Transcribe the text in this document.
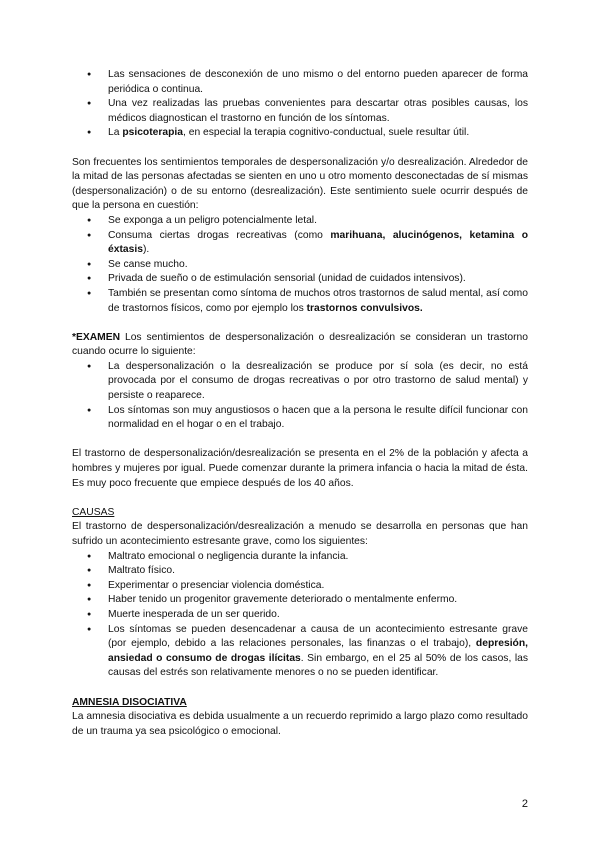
● Las sensaciones de desconexión de uno mismo o del entorno pueden aparecer de forma periódica o continua.
● Una vez realizadas las pruebas convenientes para descartar otras posibles causas, los médicos diagnostican el trastorno en función de los síntomas.
● La psicoterapia, en especial la terapia cognitivo-conductual, suele resultar útil.

Son frecuentes los sentimientos temporales de despersonalización y/o desrealización. Alrededor de la mitad de las personas afectadas se sienten en uno u otro momento desconectadas de sí mismas (despersonalización) o de su entorno (desrealización). Este sentimiento suele ocurrir después de que la persona en cuestión:

● Se exponga a un peligro potencialmente letal.
● Consuma ciertas drogas recreativas (como marihuana, alucinógenos, ketamina o éxtasis).
● Se canse mucho.
● Privada de sueño o de estimulación sensorial (unidad de cuidados intensivos).
● También se presentan como síntoma de muchos otros trastornos de salud mental, así como de trastornos físicos, como por ejemplo los trastornos convulsivos.

*EXAMEN Los sentimientos de despersonalización o desrealización se consideran un trastorno cuando ocurre lo siguiente:

● La despersonalización o la desrealización se produce por sí sola (es decir, no está provocada por el consumo de drogas recreativas o por otro trastorno de salud mental) y persiste o reaparece.
● Los síntomas son muy angustiosos o hacen que a la persona le resulte difícil funcionar con normalidad en el hogar o en el trabajo.

El trastorno de despersonalización/desrealización se presenta en el 2% de la población y afecta a hombres y mujeres por igual. Puede comenzar durante la primera infancia o hacia la mitad de ésta. Es muy poco frecuente que empiece después de los 40 años.

CAUSAS

El trastorno de despersonalización/desrealización a menudo se desarrolla en personas que han sufrido un acontecimiento estresante grave, como los siguientes:

● Maltrato emocional o negligencia durante la infancia.
● Maltrato físico.
● Experimentar o presenciar violencia doméstica.
● Haber tenido un progenitor gravemente deteriorado o mentalmente enfermo.
● Muerte inesperada de un ser querido.
● Los síntomas se pueden desencadenar a causa de un acontecimiento estresante grave (por ejemplo, debido a las relaciones personales, las finanzas o el trabajo), depresión, ansiedad o consumo de drogas ilícitas. Sin embargo, en el 25 al 50% de los casos, las causas del estrés son relativamente menores o no se pueden identificar.

AMNESIA DISOCIATIVA

La amnesia disociativa es debida usualmente a un recuerdo reprimido a largo plazo como resultado de un trauma ya sea psicológico o emocional.

2
